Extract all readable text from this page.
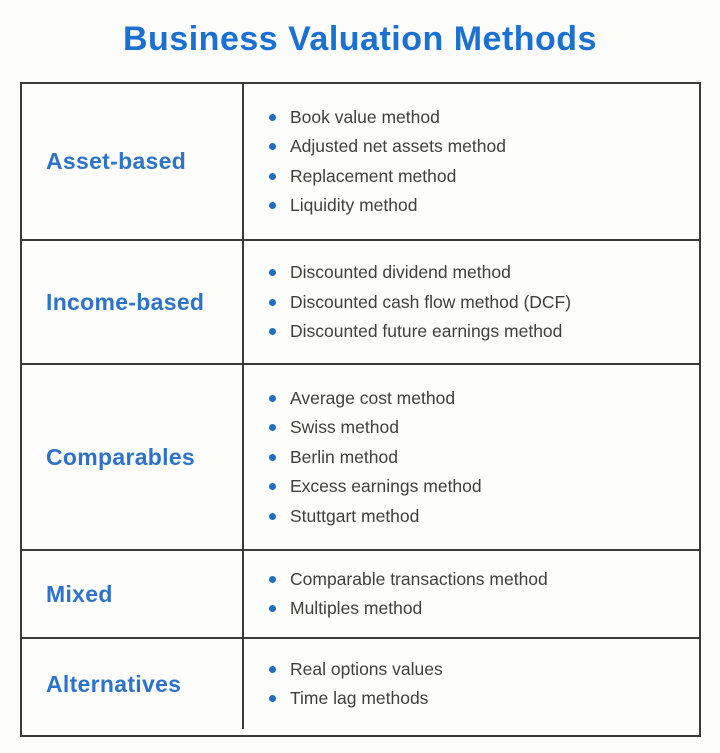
Business Valuation Methods
Asset-based
Book value method
Adjusted net assets method
Replacement method
Liquidity method
Income-based
Discounted dividend method
Discounted cash flow method (DCF)
Discounted future earnings method
Comparables
Average cost method
Swiss method
Berlin method
Excess earnings method
Stuttgart method
Mixed
Comparable transactions method
Multiples method
Alternatives
Real options values
Time lag methods
